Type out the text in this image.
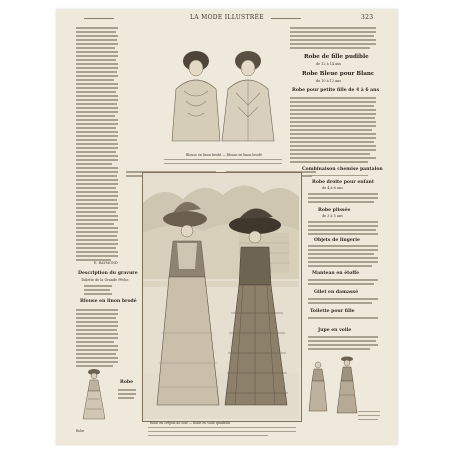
LA MODE ILLUSTRÉE	323
E. RAYMOND
Description du gravure
Toilette de la Grande Pêche
Blouse en linon brodé
Robe
Robe
Blouse en linon brodé — Blouse en linon brodé
Robe de fille pudible
de 12 à 14 ans
Robe Bleue pour Blanc
de 10 à 12 ans
Robe pour petite fille de 4 à 6 ans
Combinaison chemise pantalon
Robe en crépon de soie — Robe en voile quadrillé
Robe droite pour enfant
de 4 à 6 ans
Robe plissée
de 3 à 5 ans
Objets de lingerie
Manteau en étoffe
Gilet en damassé
Toilette pour fille
Jupe en voile
